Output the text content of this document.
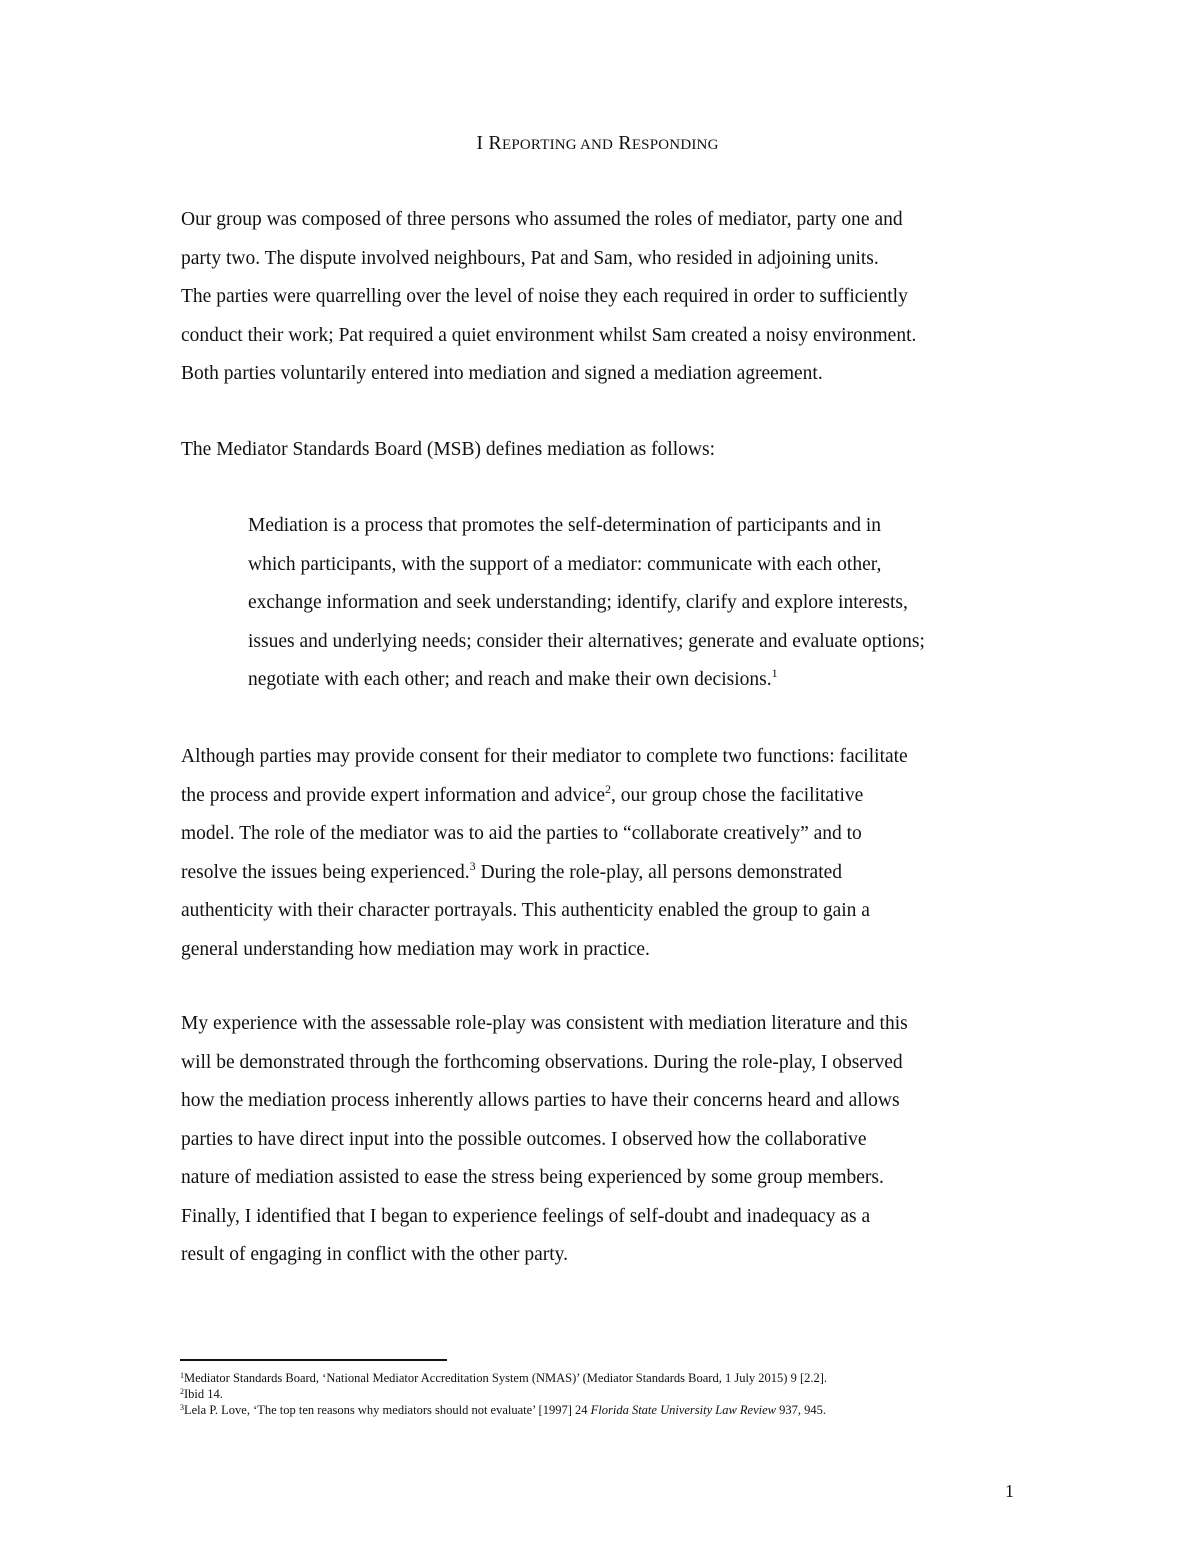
I REPORTING AND RESPONDING
Our group was composed of three persons who assumed the roles of mediator, party one and
party two. The dispute involved neighbours, Pat and Sam, who resided in adjoining units.
The parties were quarrelling over the level of noise they each required in order to sufficiently
conduct their work; Pat required a quiet environment whilst Sam created a noisy environment.
Both parties voluntarily entered into mediation and signed a mediation agreement.
The Mediator Standards Board (MSB) defines mediation as follows:
Mediation is a process that promotes the self-determination of participants and in
which participants, with the support of a mediator: communicate with each other,
exchange information and seek understanding; identify, clarify and explore interests,
issues and underlying needs; consider their alternatives; generate and evaluate options;
negotiate with each other; and reach and make their own decisions.$^1$
Although parties may provide consent for their mediator to complete two functions: facilitate
the process and provide expert information and advice$^2$, our group chose the facilitative
model. The role of the mediator was to aid the parties to “collaborate creatively” and to
resolve the issues being experienced.$^3$ During the role-play, all persons demonstrated
authenticity with their character portrayals. This authenticity enabled the group to gain a
general understanding how mediation may work in practice.
My experience with the assessable role-play was consistent with mediation literature and this
will be demonstrated through the forthcoming observations. During the role-play, I observed
how the mediation process inherently allows parties to have their concerns heard and allows
parties to have direct input into the possible outcomes. I observed how the collaborative
nature of mediation assisted to ease the stress being experienced by some group members.
Finally, I identified that I began to experience feelings of self-doubt and inadequacy as a
result of engaging in conflict with the other party.
$^1$Mediator Standards Board, ‘National Mediator Accreditation System (NMAS)’ (Mediator Standards Board, 1 July 2015) 9 [2.2].
$^2$Ibid 14.
$^3$Lela P. Love, ‘The top ten reasons why mediators should not evaluate’ [1997] 24 Florida State University Law Review 937, 945.
1
